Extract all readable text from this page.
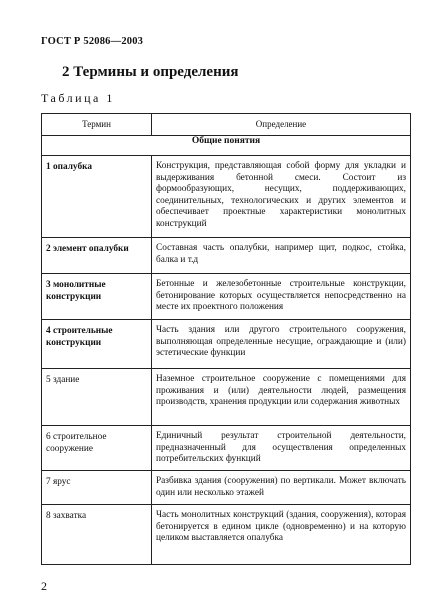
ГОСТ Р 52086—2003
2 Термины и определения
Таблица 1
Термин	Определение
Общие понятия	
1 опалубка	Конструкция, представляющая собой форму для укладки и выдерживания бетонной смеси. Состоит из формообразующих, несущих, поддерживающих, соединительных, технологических и других элементов и обеспечивает проектные характеристики монолитных конструкций
2 элемент опалубки	Составная часть опалубки, например щит, подкос, стойка, балка и т.д
3 монолитные конструкции	Бетонные и железобетонные строительные конструкции, бетонирование которых осуществляется непосредственно на месте их проектного положения
4 строительные конструкции	Часть здания или другого строительного сооружения, выполняющая определенные несущие, ограждающие и (или) эстетические функции
5 здание	Наземное строительное сооружение с помещениями для проживания и (или) деятельности людей, размещения производств, хранения продукции или содержания животных
6 строительное сооружение	Единичный результат строительной деятельности, предназначенный для осуществления определенных потребительских функций
7 ярус	Разбивка здания (сооружения) по вертикали. Может включать один или несколько этажей
8 захватка	Часть монолитных конструкций (здания, сооружения), которая бетонируется в едином цикле (одновременно) и на которую целиком выставляется опалубка
2
